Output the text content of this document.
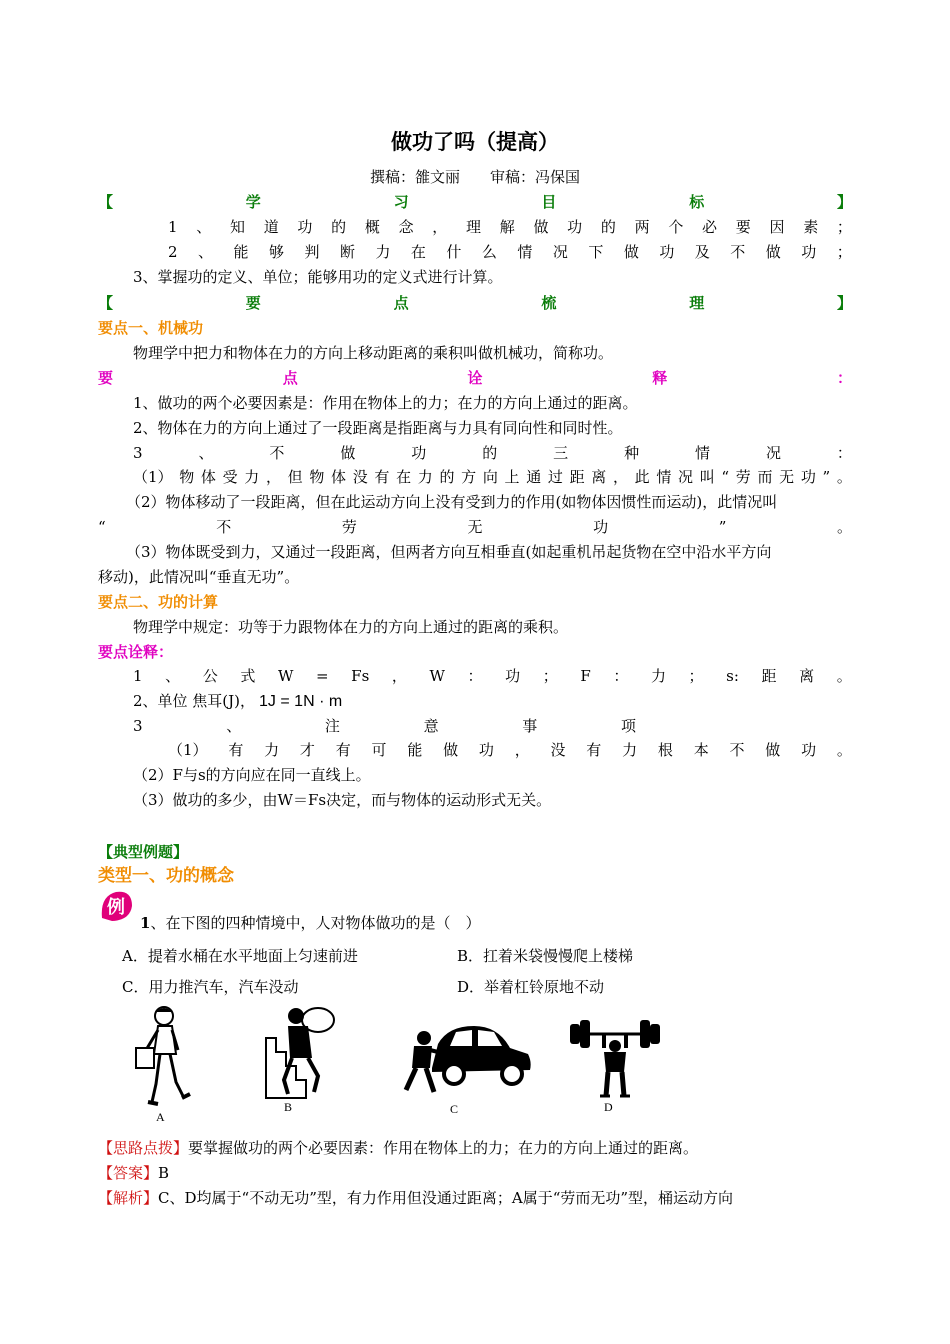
做功了吗（提高）
撰稿：雒文丽　　审稿：冯保国
【	学	习	目	标	】
1 、 知 道 功 的 概 念 ， 理 解 做 功 的 两 个 必 要 因 素 ；
2 、 能 够 判 断 力 在 什 么 情 况 下 做 功 及 不 做 功 ；
3、掌握功的定义、单位；能够用功的定义式进行计算。
【	要	点	梳	理	】
要点一、机械功
物理学中把力和物体在力的方向上移动距离的乘积叫做机械功，简称功。
要	点	诠	释	：
1、做功的两个必要因素是：作用在物体上的力；在力的方向上通过的距离。
2、物体在力的方向上通过了一段距离是指距离与力具有同向性和同时性。
3	、	不	做	功	的	三	种	情	况	：
（1） 物 体 受 力 ， 但 物 体 没 有 在 力 的 方 向 上 通 过 距 离 ， 此 情 况 叫 “ 劳 而 无 功 ” 。
（2）物体移动了一段距离，但在此运动方向上没有受到力的作用(如物体因惯性而运动)，此情况叫
“	不	劳	无	功	”	。
（3）物体既受到力，又通过一段距离，但两者方向互相垂直(如起重机吊起货物在空中沿水平方向
移动)，此情况叫“垂直无功”。
要点二、功的计算
物理学中规定：功等于力跟物体在力的方向上通过的距离的乘积。
要点诠释：
1 、 公 式 W = Fs ， W ： 功 ； F ： 力 ； s: 距 离 。
2、单位 焦耳(J)， 1J = 1N · m
3	、	注	意	事	项
（1） 有 力 才 有 可 能 做 功 ， 没 有 力 根 本 不 做 功 。
（2）F与s的方向应在同一直线上。
（3）做功的多少，由W＝Fs决定，而与物体的运动形式无关。
【典型例题】
类型一、功的概念
例
1、在下图的四种情境中，人对物体做功的是（　）
A．提着水桶在水平地面上匀速前进	B．扛着米袋慢慢爬上楼梯
C．用力推汽车，汽车没动	D．举着杠铃原地不动
A
B	C	D
【思路点拨】要掌握做功的两个必要因素：作用在物体上的力；在力的方向上通过的距离。
【答案】B
【解析】C、D均属于“不动无功”型，有力作用但没通过距离；A属于“劳而无功”型，桶运动方向
